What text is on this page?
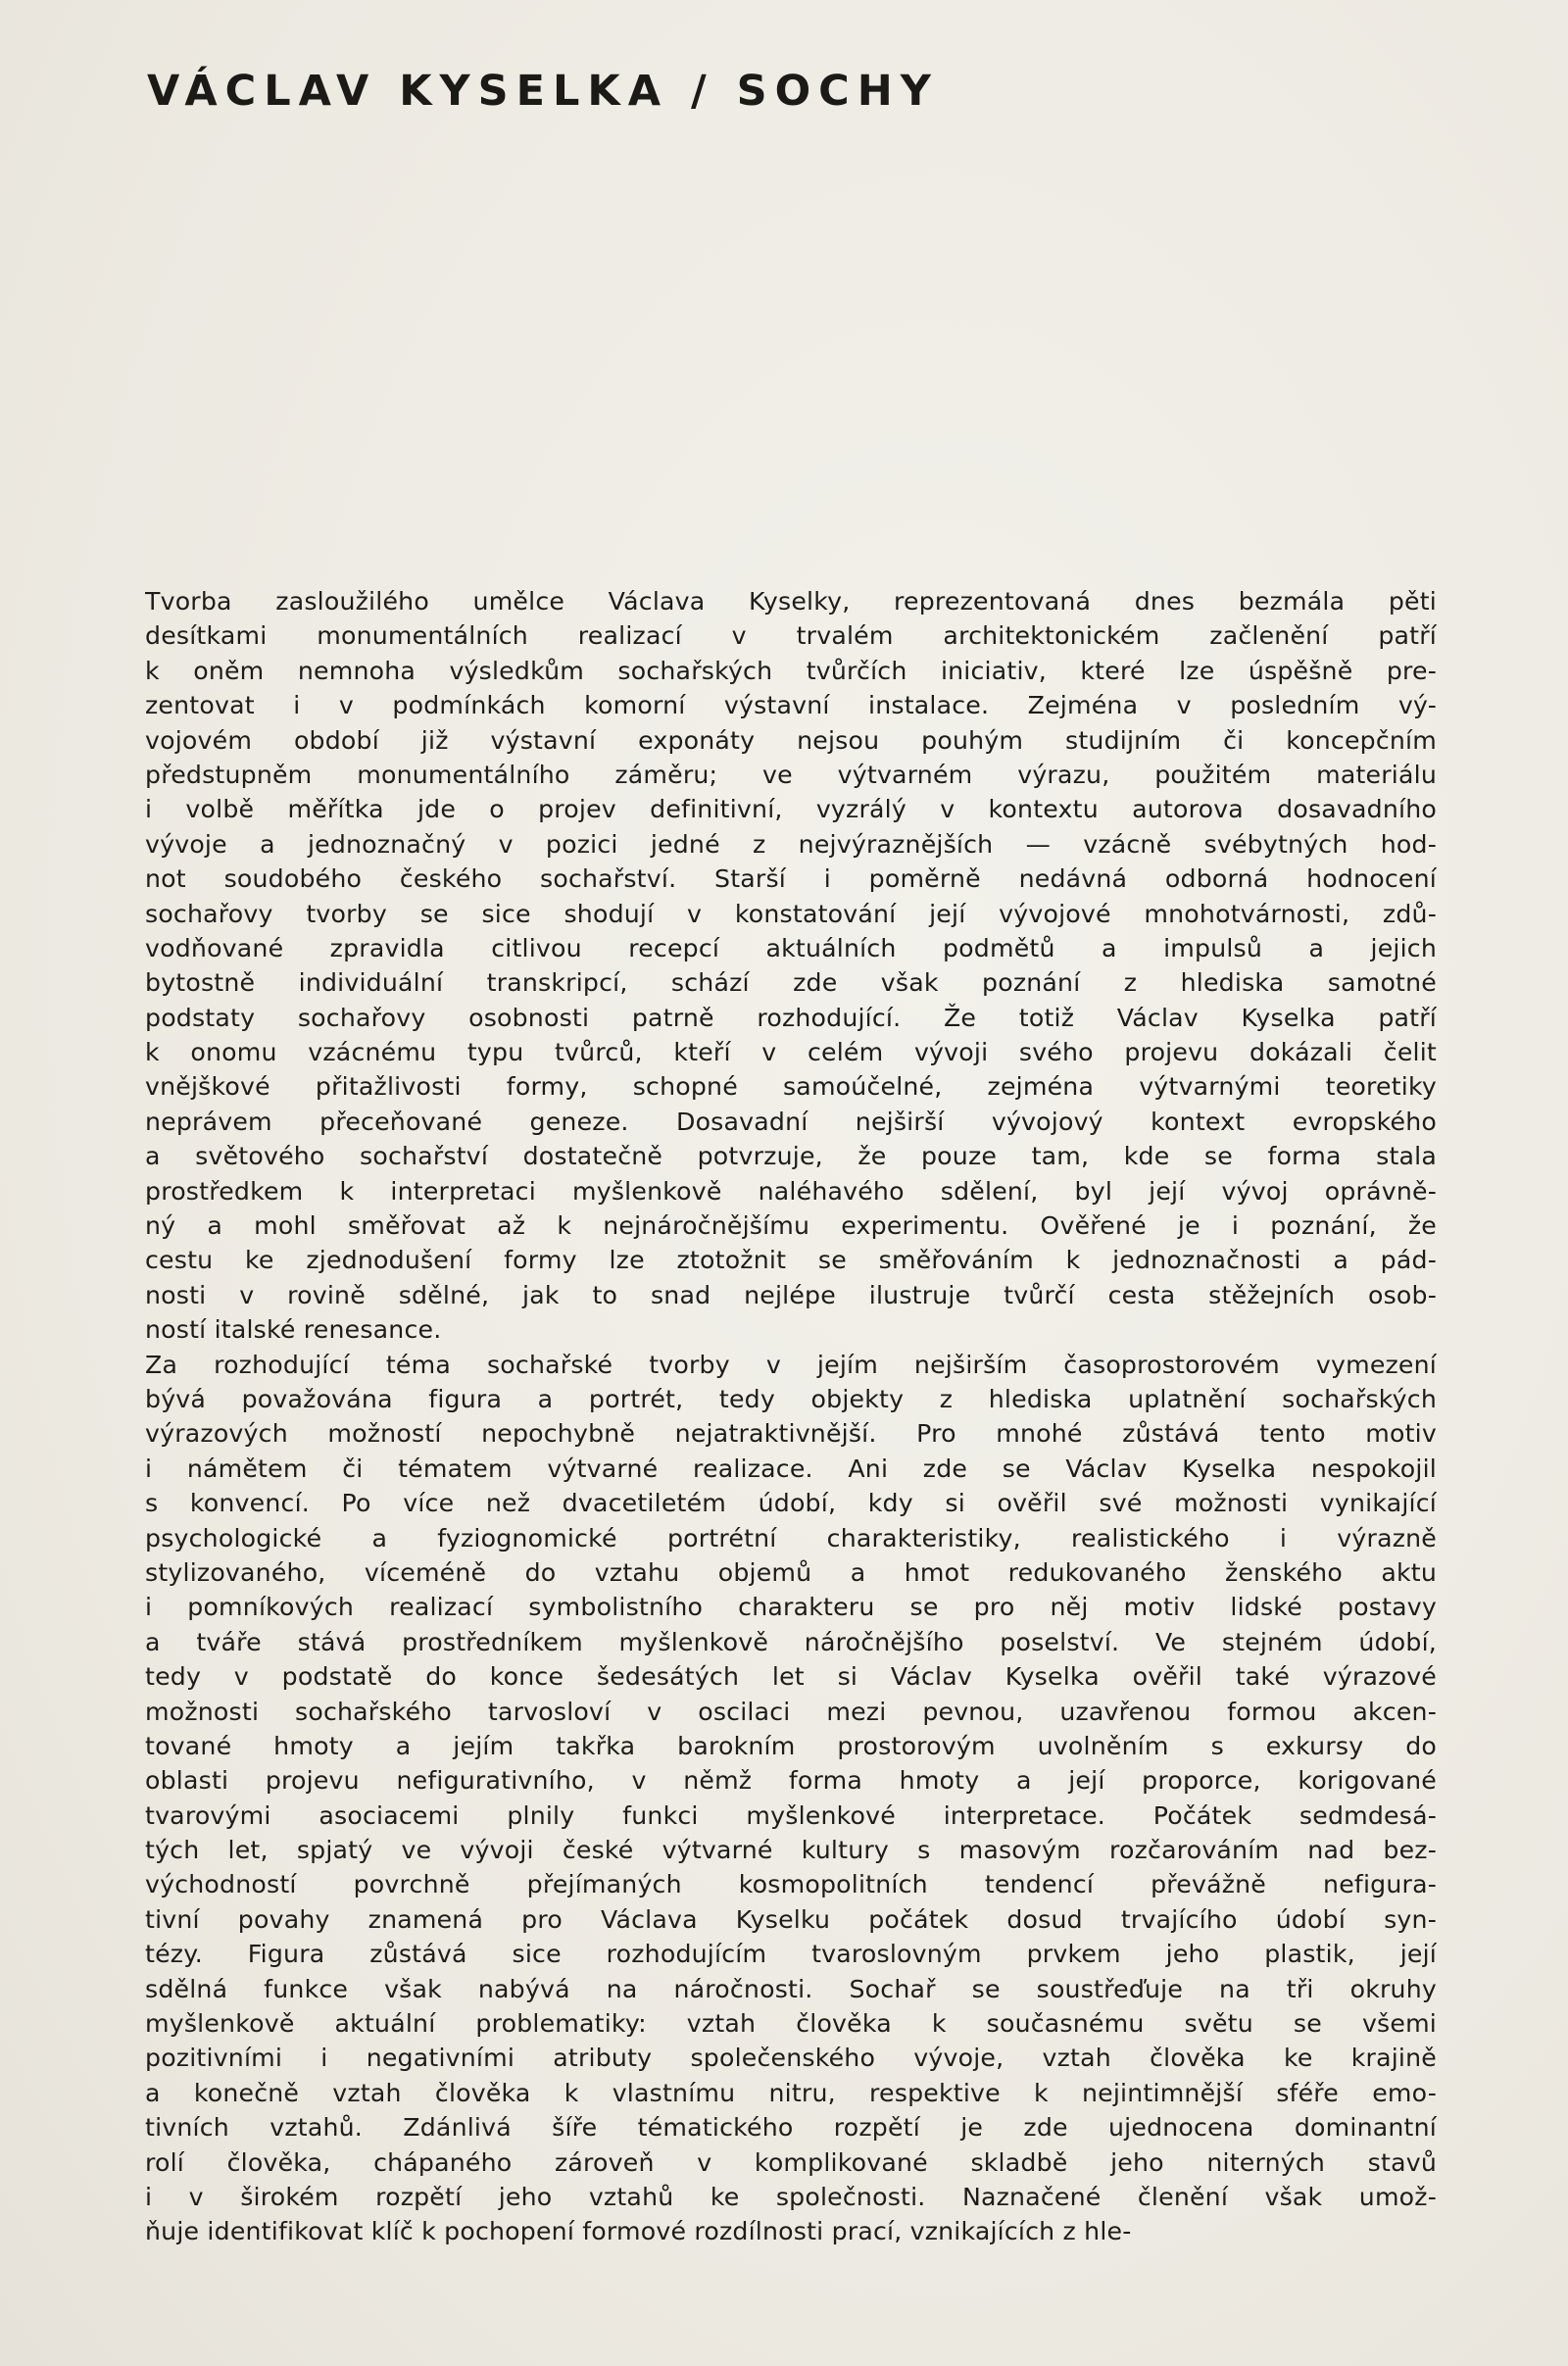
VÁCLAV KYSELKA / SOCHY
Tvorba zasloužilého umělce Václava Kyselky, reprezentovaná dnes bezmála pěti
desítkami monumentálních realizací v trvalém architektonickém začlenění patří
k oněm nemnoha výsledkům sochařských tvůrčích iniciativ, které lze úspěšně pre-
zentovat i v podmínkách komorní výstavní instalace. Zejména v posledním vý-
vojovém období již výstavní exponáty nejsou pouhým studijním či koncepčním
předstupněm monumentálního záměru; ve výtvarném výrazu, použitém materiálu
i volbě měřítka jde o projev definitivní, vyzrálý v kontextu autorova dosavadního
vývoje a jednoznačný v pozici jedné z nejvýraznějších — vzácně svébytných hod-
not soudobého českého sochařství. Starší i poměrně nedávná odborná hodnocení
sochařovy tvorby se sice shodují v konstatování její vývojové mnohotvárnosti, zdů-
vodňované zpravidla citlivou recepcí aktuálních podmětů a impulsů a jejich
bytostně individuální transkripcí, schází zde však poznání z hlediska samotné
podstaty sochařovy osobnosti patrně rozhodující. Že totiž Václav Kyselka patří
k onomu vzácnému typu tvůrců, kteří v celém vývoji svého projevu dokázali čelit
vnějškové přitažlivosti formy, schopné samoúčelné, zejména výtvarnými teoretiky
neprávem přeceňované geneze. Dosavadní nejširší vývojový kontext evropského
a světového sochařství dostatečně potvrzuje, že pouze tam, kde se forma stala
prostředkem k interpretaci myšlenkově naléhavého sdělení, byl její vývoj oprávně-
ný a mohl směřovat až k nejnáročnějšímu experimentu. Ověřené je i poznání, že
cestu ke zjednodušení formy lze ztotožnit se směřováním k jednoznačnosti a pád-
nosti v rovině sdělné, jak to snad nejlépe ilustruje tvůrčí cesta stěžejních osob-
ností italské renesance.
Za rozhodující téma sochařské tvorby v jejím nejširším časoprostorovém vymezení
bývá považována figura a portrét, tedy objekty z hlediska uplatnění sochařských
výrazových možností nepochybně nejatraktivnější. Pro mnohé zůstává tento motiv
i námětem či tématem výtvarné realizace. Ani zde se Václav Kyselka nespokojil
s konvencí. Po více než dvacetiletém údobí, kdy si ověřil své možnosti vynikající
psychologické a fyziognomické portrétní charakteristiky, realistického i výrazně
stylizovaného, víceméně do vztahu objemů a hmot redukovaného ženského aktu
i pomníkových realizací symbolistního charakteru se pro něj motiv lidské postavy
a tváře stává prostředníkem myšlenkově náročnějšího poselství. Ve stejném údobí,
tedy v podstatě do konce šedesátých let si Václav Kyselka ověřil také výrazové
možnosti sochařského tarvosloví v oscilaci mezi pevnou, uzavřenou formou akcen-
tované hmoty a jejím takřka barokním prostorovým uvolněním s exkursy do
oblasti projevu nefigurativního, v němž forma hmoty a její proporce, korigované
tvarovými asociacemi plnily funkci myšlenkové interpretace. Počátek sedmdesá-
tých let, spjatý ve vývoji české výtvarné kultury s masovým rozčarováním nad bez-
východností povrchně přejímaných kosmopolitních tendencí převážně nefigura-
tivní povahy znamená pro Václava Kyselku počátek dosud trvajícího údobí syn-
tézy. Figura zůstává sice rozhodujícím tvaroslovným prvkem jeho plastik, její
sdělná funkce však nabývá na náročnosti. Sochař se soustřeďuje na tři okruhy
myšlenkově aktuální problematiky: vztah člověka k současnému světu se všemi
pozitivními i negativními atributy společenského vývoje, vztah člověka ke krajině
a konečně vztah člověka k vlastnímu nitru, respektive k nejintimnější sféře emo-
tivních vztahů. Zdánlivá šíře tématického rozpětí je zde ujednocena dominantní
rolí člověka, chápaného zároveň v komplikované skladbě jeho niterných stavů
i v širokém rozpětí jeho vztahů ke společnosti. Naznačené členění však umož-
ňuje identifikovat klíč k pochopení formové rozdílnosti prací, vznikajících z hle-
